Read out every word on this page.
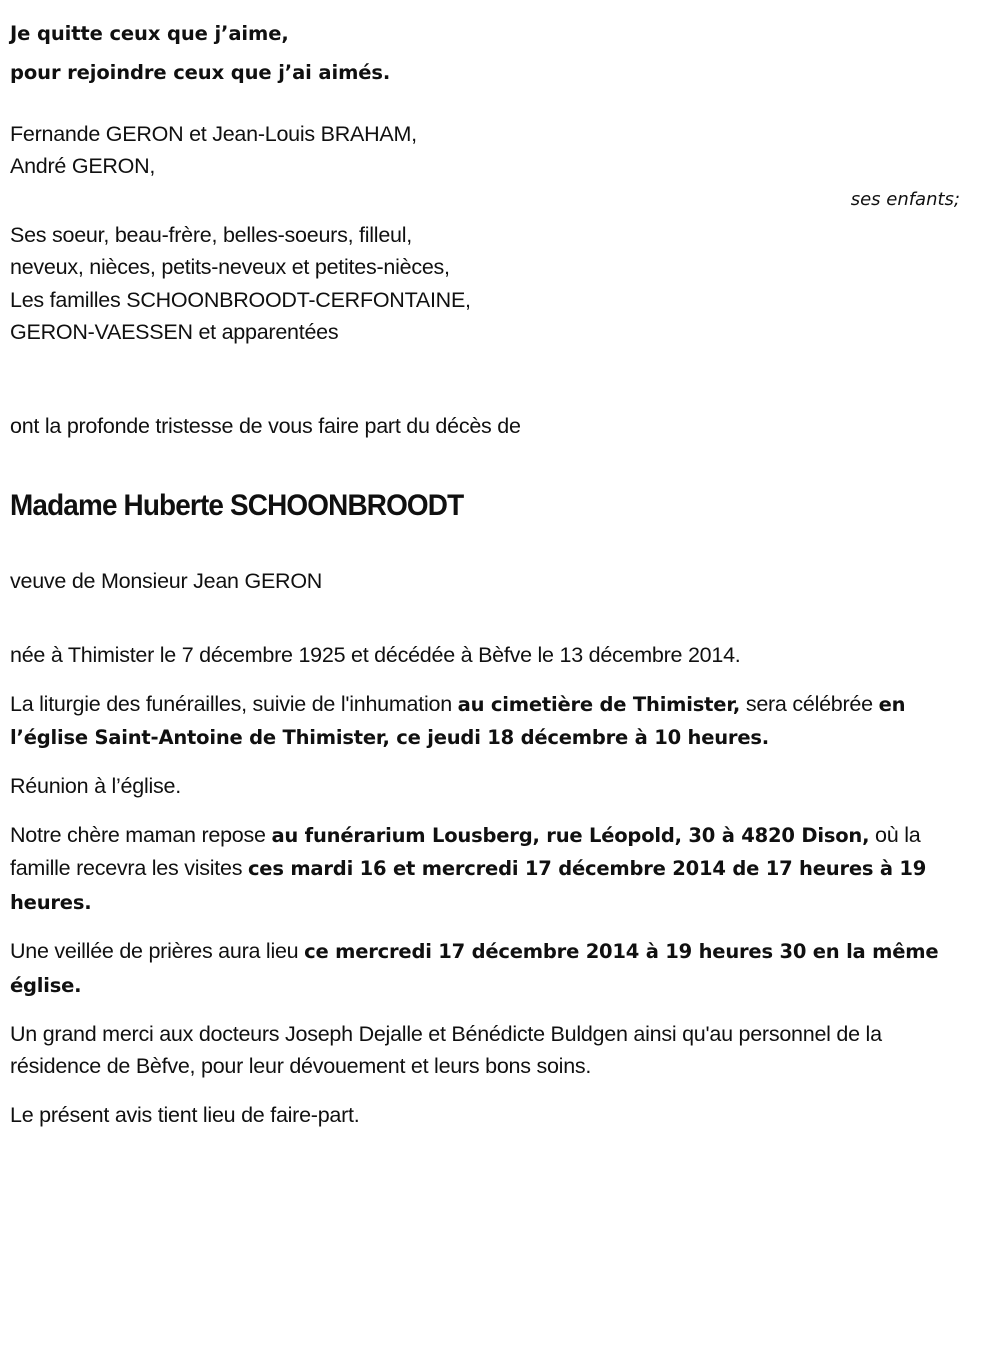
Je quitte ceux que j’aime,
pour rejoindre ceux que j’ai aimés.
Fernande GERON et Jean-Louis BRAHAM,
André GERON,
ses enfants;
Ses soeur, beau-frère, belles-soeurs, filleul,
neveux, nièces, petits-neveux et petites-nièces,
Les familles SCHOONBROODT-CERFONTAINE,
GERON-VAESSEN et apparentées
ont la profonde tristesse de vous faire part du décès de
Madame Huberte SCHOONBROODT
veuve de Monsieur Jean GERON
née à Thimister le 7 décembre 1925 et décédée à Bèfve le 13 décembre 2014.
La liturgie des funérailles, suivie de l'inhumation au cimetière de Thimister, sera célébrée en l’église Saint-Antoine de Thimister, ce jeudi 18 décembre à 10 heures.
Réunion à l’église.
Notre chère maman repose au funérarium Lousberg, rue Léopold, 30 à 4820 Dison, où la famille recevra les visites ces mardi 16 et mercredi 17 décembre 2014 de 17 heures à 19 heures.
Une veillée de prières aura lieu ce mercredi 17 décembre 2014 à 19 heures 30 en la même église.
Un grand merci aux docteurs Joseph Dejalle et Bénédicte Buldgen ainsi qu'au personnel de la résidence de Bèfve, pour leur dévouement et leurs bons soins.
Le présent avis tient lieu de faire-part.
